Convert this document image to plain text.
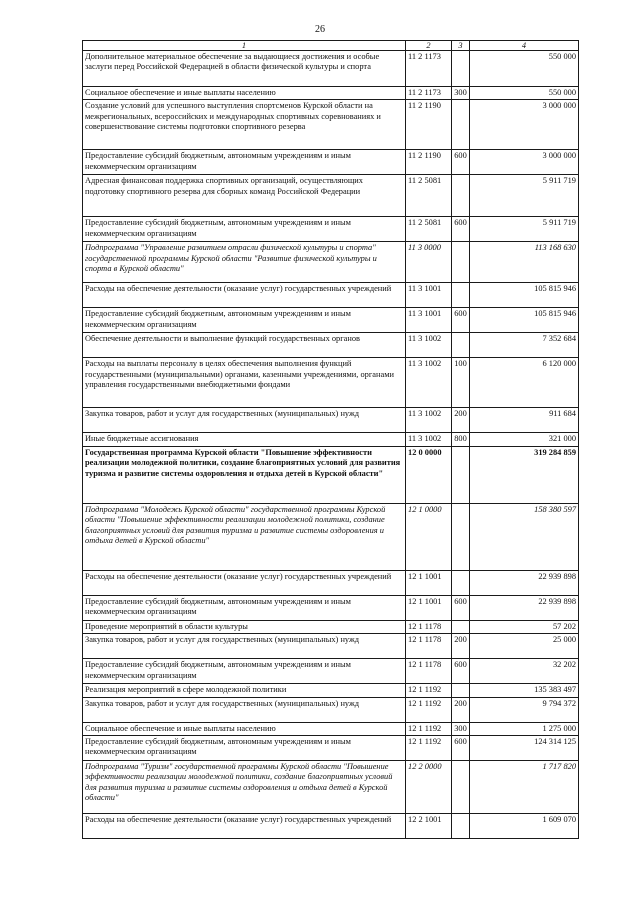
26
1	2	3	4
Дополнительное материальное обеспечение за выдающиеся достижения и особые заслуги перед Российской Федерацией в области физической культуры и спорта	11 2 1173		550 000
Социальное обеспечение и иные выплаты населению	11 2 1173	300	550 000
Создание условий для успешного выступления спортсменов Курской области на межрегиональных, всероссийских и международных спортивных соревнованиях и совершенствование системы подготовки спортивного резерва	11 2 1190		3 000 000
Предоставление субсидий бюджетным, автономным учреждениям и иным некоммерческим организациям	11 2 1190	600	3 000 000
Адресная финансовая поддержка спортивных организаций, осуществляющих подготовку спортивного резерва для сборных команд Российской Федерации	11 2 5081		5 911 719
Предоставление субсидий бюджетным, автономным учреждениям и иным некоммерческим организациям	11 2 5081	600	5 911 719
Подпрограмма "Управление развитием отрасли физической культуры и спорта" государственной программы Курской области "Развитие физической культуры и спорта в Курской области"	11 3 0000		113 168 630
Расходы на обеспечение деятельности (оказание услуг) государственных учреждений	11 3 1001		105 815 946
Предоставление субсидий бюджетным, автономным учреждениям и иным некоммерческим организациям	11 3 1001	600	105 815 946
Обеспечение деятельности и выполнение функций государственных органов	11 3 1002		7 352 684
Расходы на выплаты персоналу в целях обеспечения выполнения функций государственными (муниципальными) органами, казенными учреждениями, органами управления государственными внебюджетными фондами	11 3 1002	100	6 120 000
Закупка товаров, работ и услуг для государственных (муниципальных) нужд	11 3 1002	200	911 684
Иные бюджетные ассигнования	11 3 1002	800	321 000
Государственная программа Курской области "Повышение эффективности реализации молодежной политики, создание благоприятных условий для развития туризма и развитие системы оздоровления и отдыха детей в Курской области"	12 0 0000		319 284 859
Подпрограмма "Молодежь Курской области" государственной программы Курской области "Повышение эффективности реализации молодежной политики, создание благоприятных условий для развития туризма и развитие системы оздоровления и отдыха детей в Курской области"	12 1 0000		158 380 597
Расходы на обеспечение деятельности (оказание услуг) государственных учреждений	12 1 1001		22 939 898
Предоставление субсидий бюджетным, автономным учреждениям и иным некоммерческим организациям	12 1 1001	600	22 939 898
Проведение мероприятий в области культуры	12 1 1178		57 202
Закупка товаров, работ и услуг для государственных (муниципальных) нужд	12 1 1178	200	25 000
Предоставление субсидий бюджетным, автономным учреждениям и иным некоммерческим организациям	12 1 1178	600	32 202
Реализация мероприятий в сфере молодежной политики	12 1 1192		135 383 497
Закупка товаров, работ и услуг для государственных (муниципальных) нужд	12 1 1192	200	9 794 372
Социальное обеспечение и иные выплаты населению	12 1 1192	300	1 275 000
Предоставление субсидий бюджетным, автономным учреждениям и иным некоммерческим организациям	12 1 1192	600	124 314 125
Подпрограмма "Туризм" государственной программы Курской области "Повышение эффективности реализации молодежной политики, создание благоприятных условий для развития туризма и развитие системы оздоровления и отдыха детей в Курской области"	12 2 0000		1 717 820
Расходы на обеспечение деятельности (оказание услуг) государственных учреждений	12 2 1001		1 609 070
